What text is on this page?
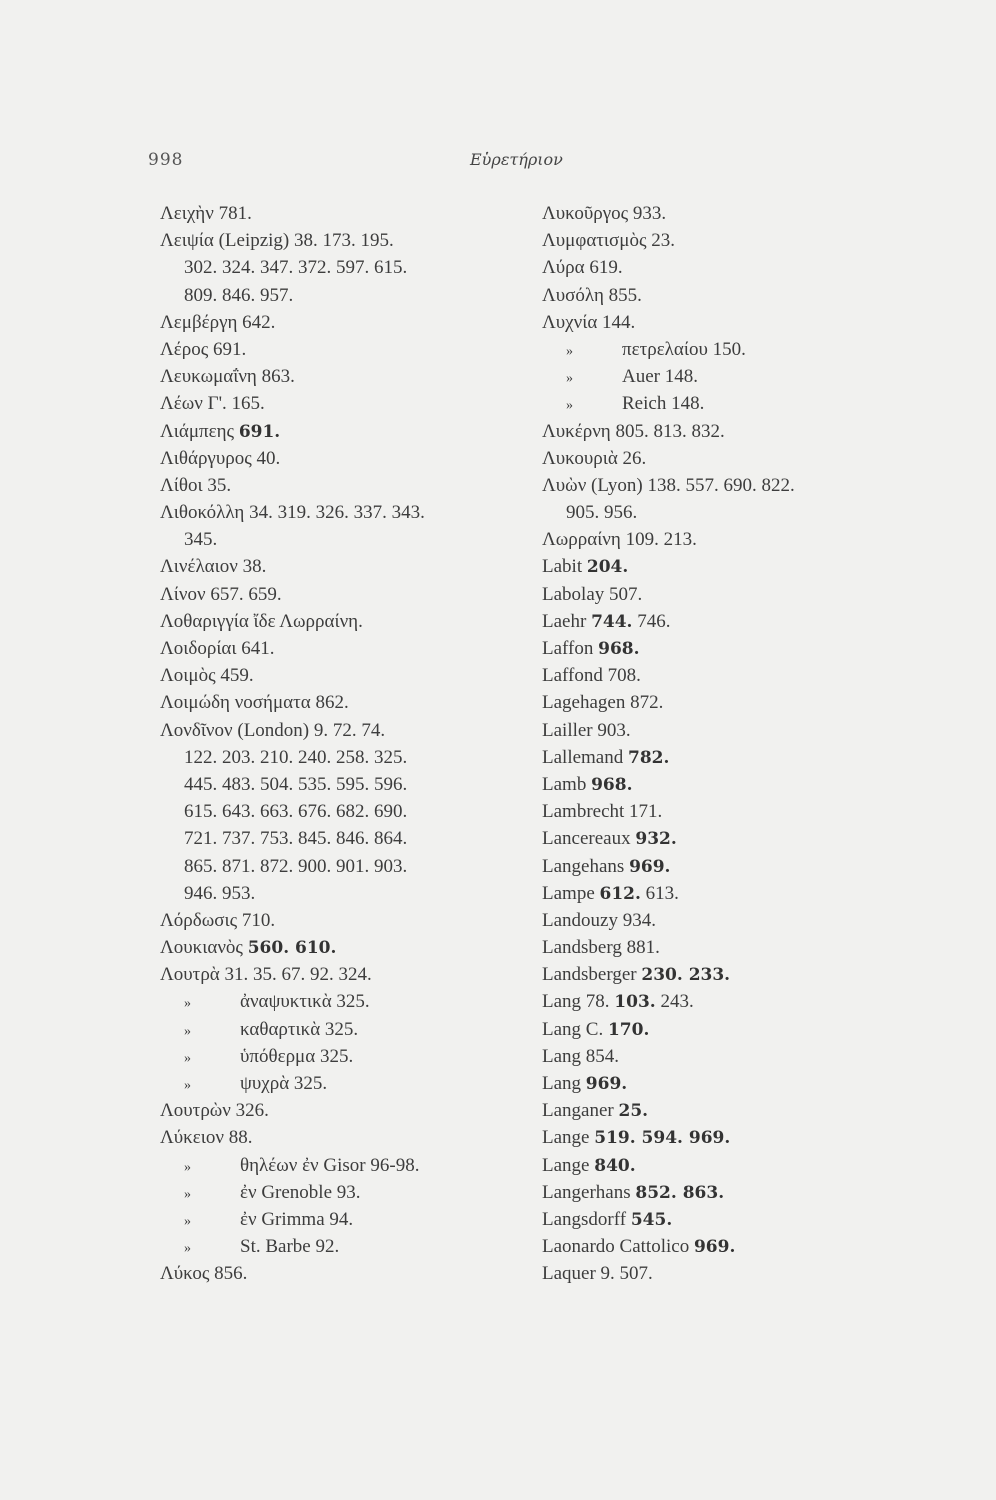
998	Εὑρετήριον
Λειχὴν 781.
Λειψία (Leipzig) 38. 173. 195.
302. 324. 347. 372. 597. 615.
809. 846. 957.
Λεμβέργη 642.
Λέρος 691.
Λευκωμαΐνη 863.
Λέων Γ'. 165.
Λιάμπεης 691.
Λιθάργυρος 40.
Λίθοι 35.
Λιθοκόλλη 34. 319. 326. 337. 343.
345.
Λινέλαιον 38.
Λίνον 657. 659.
Λοθαριγγία ἴδε Λωρραίνη.
Λοιδορίαι 641.
Λοιμὸς 459.
Λοιμώδη νοσήματα 862.
Λονδῖνον (London) 9. 72. 74.
122. 203. 210. 240. 258. 325.
445. 483. 504. 535. 595. 596.
615. 643. 663. 676. 682. 690.
721. 737. 753. 845. 846. 864.
865. 871. 872. 900. 901. 903.
946. 953.
Λόρδωσις 710.
Λουκιανὸς 560. 610.
Λουτρὰ 31. 35. 67. 92. 324.
»	ἀναψυκτικὰ 325.
»	καθαρτικὰ 325.
»	ὑπόθερμα 325.
»	ψυχρὰ 325.
Λουτρὼν 326.
Λύκειον 88.
»	θηλέων ἐν Gisor 96-98.
»	ἐν Grenoble 93.
»	ἐν Grimma 94.
»	St. Barbe 92.
Λύκος 856.
Λυκοῦργος 933.
Λυμφατισμὸς 23.
Λύρα 619.
Λυσόλη 855.
Λυχνία 144.
»	πετρελαίου 150.
»	Auer 148.
»	Reich 148.
Λυκέρνη 805. 813. 832.
Λυκουριὰ 26.
Λυὼν (Lyon) 138. 557. 690. 822.
905. 956.
Λωρραίνη 109. 213.
Labit 204.
Labolay 507.
Laehr 744. 746.
Laffon 968.
Laffond 708.
Lagehagen 872.
Lailler 903.
Lallemand 782.
Lamb 968.
Lambrecht 171.
Lancereaux 932.
Langehans 969.
Lampe 612. 613.
Landouzy 934.
Landsberg 881.
Landsberger 230. 233.
Lang 78. 103. 243.
Lang C. 170.
Lang 854.
Lang 969.
Langaner 25.
Lange 519. 594. 969.
Lange 840.
Langerhans 852. 863.
Langsdorff 545.
Laonardo Cattolico 969.
Laquer 9. 507.
